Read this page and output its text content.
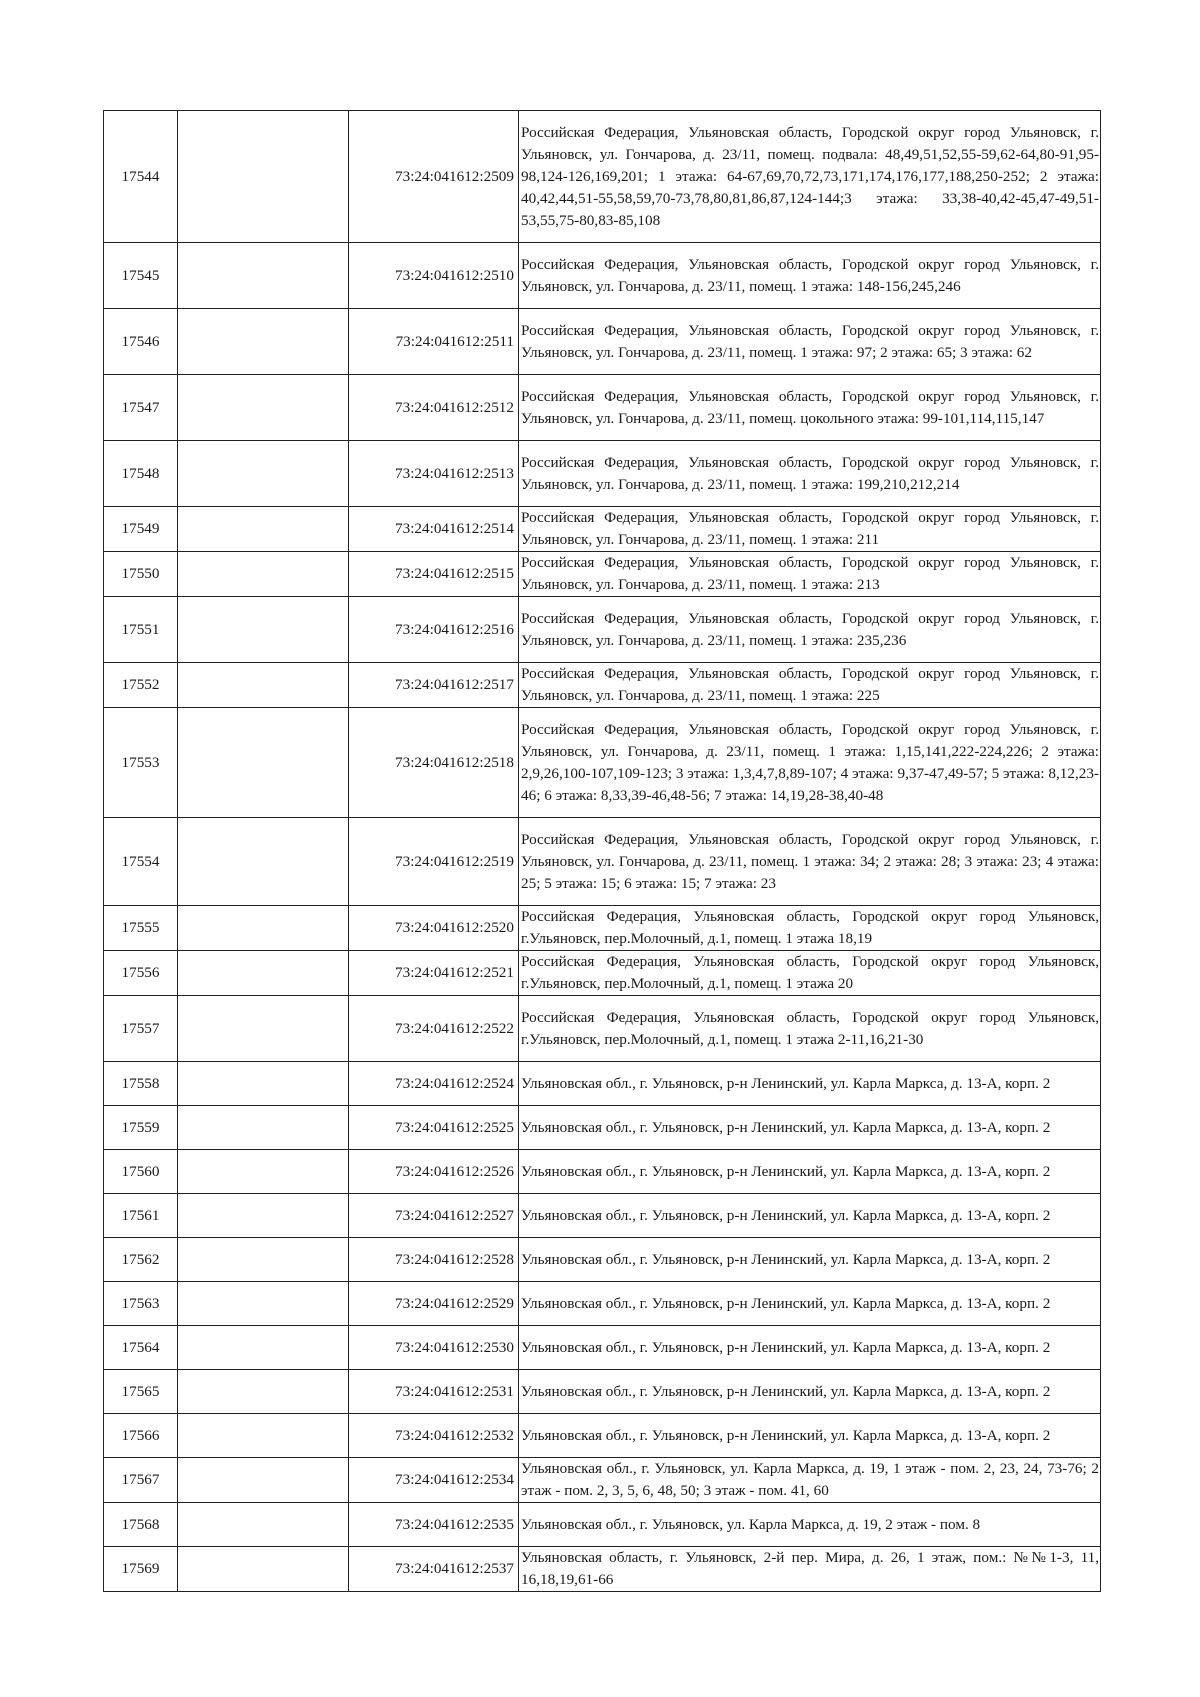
17544		73:24:041612:2509	Российская Федерация, Ульяновская область, Городской округ город Ульяновск, г. Ульяновск, ул. Гончарова, д. 23/11, помещ. подвала: 48,49,51,52,55-59,62-64,80-91,95-98,124-126,169,201; 1 этажа: 64-67,69,70,72,73,171,174,176,177,188,250-252; 2 этажа: 40,42,44,51-55,58,59,70-73,78,80,81,86,87,124-144;3 этажа: 33,38-40,42-45,47-49,51-53,55,75-80,83-85,108
17545		73:24:041612:2510	Российская Федерация, Ульяновская область, Городской округ город Ульяновск, г. Ульяновск, ул. Гончарова, д. 23/11, помещ. 1 этажа: 148-156,245,246
17546		73:24:041612:2511	Российская Федерация, Ульяновская область, Городской округ город Ульяновск, г. Ульяновск, ул. Гончарова, д. 23/11, помещ. 1 этажа: 97; 2 этажа: 65; 3 этажа: 62
17547		73:24:041612:2512	Российская Федерация, Ульяновская область, Городской округ город Ульяновск, г. Ульяновск, ул. Гончарова, д. 23/11, помещ. цокольного этажа: 99-101,114,115,147
17548		73:24:041612:2513	Российская Федерация, Ульяновская область, Городской округ город Ульяновск, г. Ульяновск, ул. Гончарова, д. 23/11, помещ. 1 этажа: 199,210,212,214
17549		73:24:041612:2514	Российская Федерация, Ульяновская область, Городской округ город Ульяновск, г. Ульяновск, ул. Гончарова, д. 23/11, помещ. 1 этажа: 211
17550		73:24:041612:2515	Российская Федерация, Ульяновская область, Городской округ город Ульяновск, г. Ульяновск, ул. Гончарова, д. 23/11, помещ. 1 этажа: 213
17551		73:24:041612:2516	Российская Федерация, Ульяновская область, Городской округ город Ульяновск, г. Ульяновск, ул. Гончарова, д. 23/11, помещ. 1 этажа: 235,236
17552		73:24:041612:2517	Российская Федерация, Ульяновская область, Городской округ город Ульяновск, г. Ульяновск, ул. Гончарова, д. 23/11, помещ. 1 этажа: 225
17553		73:24:041612:2518	Российская Федерация, Ульяновская область, Городской округ город Ульяновск, г. Ульяновск, ул. Гончарова, д. 23/11, помещ. 1 этажа: 1,15,141,222-224,226; 2 этажа: 2,9,26,100-107,109-123; 3 этажа: 1,3,4,7,8,89-107; 4 этажа: 9,37-47,49-57; 5 этажа: 8,12,23-46; 6 этажа: 8,33,39-46,48-56; 7 этажа: 14,19,28-38,40-48
17554		73:24:041612:2519	Российская Федерация, Ульяновская область, Городской округ город Ульяновск, г. Ульяновск, ул. Гончарова, д. 23/11, помещ. 1 этажа: 34; 2 этажа: 28; 3 этажа: 23; 4 этажа: 25; 5 этажа: 15; 6 этажа: 15; 7 этажа: 23
17555		73:24:041612:2520	Российская Федерация, Ульяновская область, Городской округ город Ульяновск, г.Ульяновск, пер.Молочный, д.1, помещ. 1 этажа 18,19
17556		73:24:041612:2521	Российская Федерация, Ульяновская область, Городской округ город Ульяновск, г.Ульяновск, пер.Молочный, д.1, помещ. 1 этажа 20
17557		73:24:041612:2522	Российская Федерация, Ульяновская область, Городской округ город Ульяновск, г.Ульяновск, пер.Молочный, д.1, помещ. 1 этажа 2-11,16,21-30
17558		73:24:041612:2524	Ульяновская обл., г. Ульяновск, р-н Ленинский, ул. Карла Маркса, д. 13-А, корп. 2
17559		73:24:041612:2525	Ульяновская обл., г. Ульяновск, р-н Ленинский, ул. Карла Маркса, д. 13-А, корп. 2
17560		73:24:041612:2526	Ульяновская обл., г. Ульяновск, р-н Ленинский, ул. Карла Маркса, д. 13-А, корп. 2
17561		73:24:041612:2527	Ульяновская обл., г. Ульяновск, р-н Ленинский, ул. Карла Маркса, д. 13-А, корп. 2
17562		73:24:041612:2528	Ульяновская обл., г. Ульяновск, р-н Ленинский, ул. Карла Маркса, д. 13-А, корп. 2
17563		73:24:041612:2529	Ульяновская обл., г. Ульяновск, р-н Ленинский, ул. Карла Маркса, д. 13-А, корп. 2
17564		73:24:041612:2530	Ульяновская обл., г. Ульяновск, р-н Ленинский, ул. Карла Маркса, д. 13-А, корп. 2
17565		73:24:041612:2531	Ульяновская обл., г. Ульяновск, р-н Ленинский, ул. Карла Маркса, д. 13-А, корп. 2
17566		73:24:041612:2532	Ульяновская обл., г. Ульяновск, р-н Ленинский, ул. Карла Маркса, д. 13-А, корп. 2
17567		73:24:041612:2534	Ульяновская обл., г. Ульяновск, ул. Карла Маркса, д. 19, 1 этаж - пом. 2, 23, 24, 73-76; 2 этаж - пом. 2, 3, 5, 6, 48, 50; 3 этаж - пом. 41, 60
17568		73:24:041612:2535	Ульяновская обл., г. Ульяновск, ул. Карла Маркса, д. 19, 2 этаж - пом. 8
17569		73:24:041612:2537	Ульяновская область, г. Ульяновск, 2-й пер. Мира, д. 26, 1 этаж, пом.: №№1-3, 11, 16,18,19,61-66
